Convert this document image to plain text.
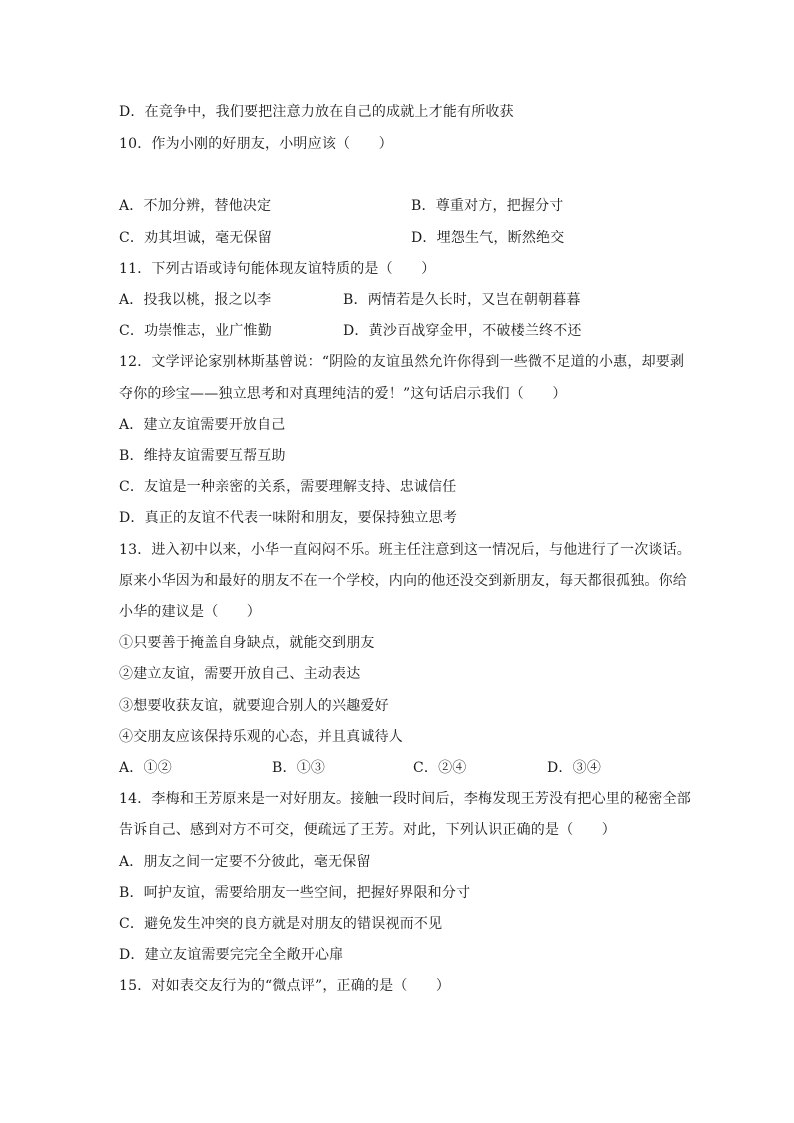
D．在竞争中，我们要把注意力放在自己的成就上才能有所收获
10．作为小刚的好朋友，小明应该（　　）
A．不加分辨，替他决定	B．尊重对方，把握分寸
C．劝其坦诚，毫无保留	D．埋怨生气，断然绝交
11．下列古语或诗句能体现友谊特质的是（　　）
A．投我以桃，报之以李	B．两情若是久长时，又岂在朝朝暮暮
C．功崇惟志，业广惟勤	D．黄沙百战穿金甲，不破楼兰终不还
12．文学评论家别林斯基曾说：“阴险的友谊虽然允许你得到一些微不足道的小惠，却要剥
夺你的珍宝——独立思考和对真理纯洁的爱！”这句话启示我们（　　）
A．建立友谊需要开放自己
B．维持友谊需要互帮互助
C．友谊是一种亲密的关系，需要理解支持、忠诚信任
D．真正的友谊不代表一味附和朋友，要保持独立思考
13．进入初中以来，小华一直闷闷不乐。班主任注意到这一情况后，与他进行了一次谈话。
原来小华因为和最好的朋友不在一个学校，内向的他还没交到新朋友，每天都很孤独。你给
小华的建议是（　　）
①只要善于掩盖自身缺点，就能交到朋友
②建立友谊，需要开放自己、主动表达
③想要收获友谊，就要迎合别人的兴趣爱好
④交朋友应该保持乐观的心态，并且真诚待人
A．①②	B．①③	C．②④	D．③④
14．李梅和王芳原来是一对好朋友。接触一段时间后，李梅发现王芳没有把心里的秘密全部
告诉自己、感到对方不可交，便疏远了王芳。对此，下列认识正确的是（　　）
A．朋友之间一定要不分彼此，毫无保留
B．呵护友谊，需要给朋友一些空间，把握好界限和分寸
C．避免发生冲突的良方就是对朋友的错误视而不见
D．建立友谊需要完完全全敞开心扉
15．对如表交友行为的“微点评”，正确的是（　　）
